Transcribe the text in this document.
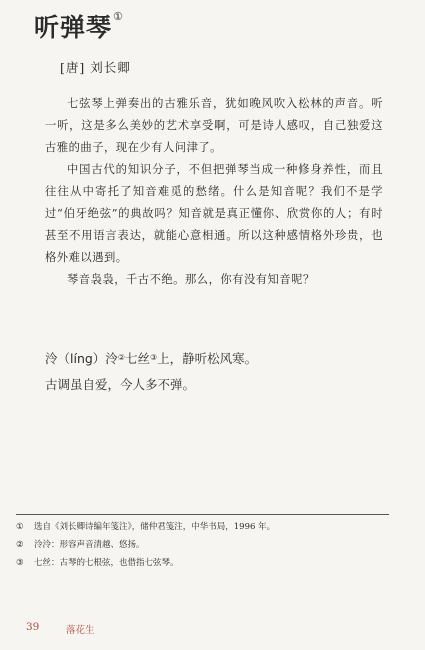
听弹琴①
[唐] 刘长卿

七弦琴上弹奏出的古雅乐音，犹如晚风吹入松林的声音。听一听，这是多么美妙的艺术享受啊，可是诗人感叹，自己独爱这古雅的曲子，现在少有人问津了。

中国古代的知识分子，不但把弹琴当成一种修身养性，而且往往从中寄托了知音难觅的愁绪。什么是知音呢？我们不是学过“伯牙绝弦”的典故吗？知音就是真正懂你、欣赏你的人；有时甚至不用语言表达，就能心意相通。所以这种感情格外珍贵，也格外难以遇到。

琴音袅袅，千古不绝。那么，你有没有知音呢？

泠（líng）泠②七丝③上，静听松风寒。
古调虽自爱，今人多不弹。
① 选自《刘长卿诗编年笺注》，储仲君笺注，中华书局，1996 年。
② 泠泠：形容声音清越、悠扬。
③ 七丝：古琴的七根弦，也借指七弦琴。
39	落花生
